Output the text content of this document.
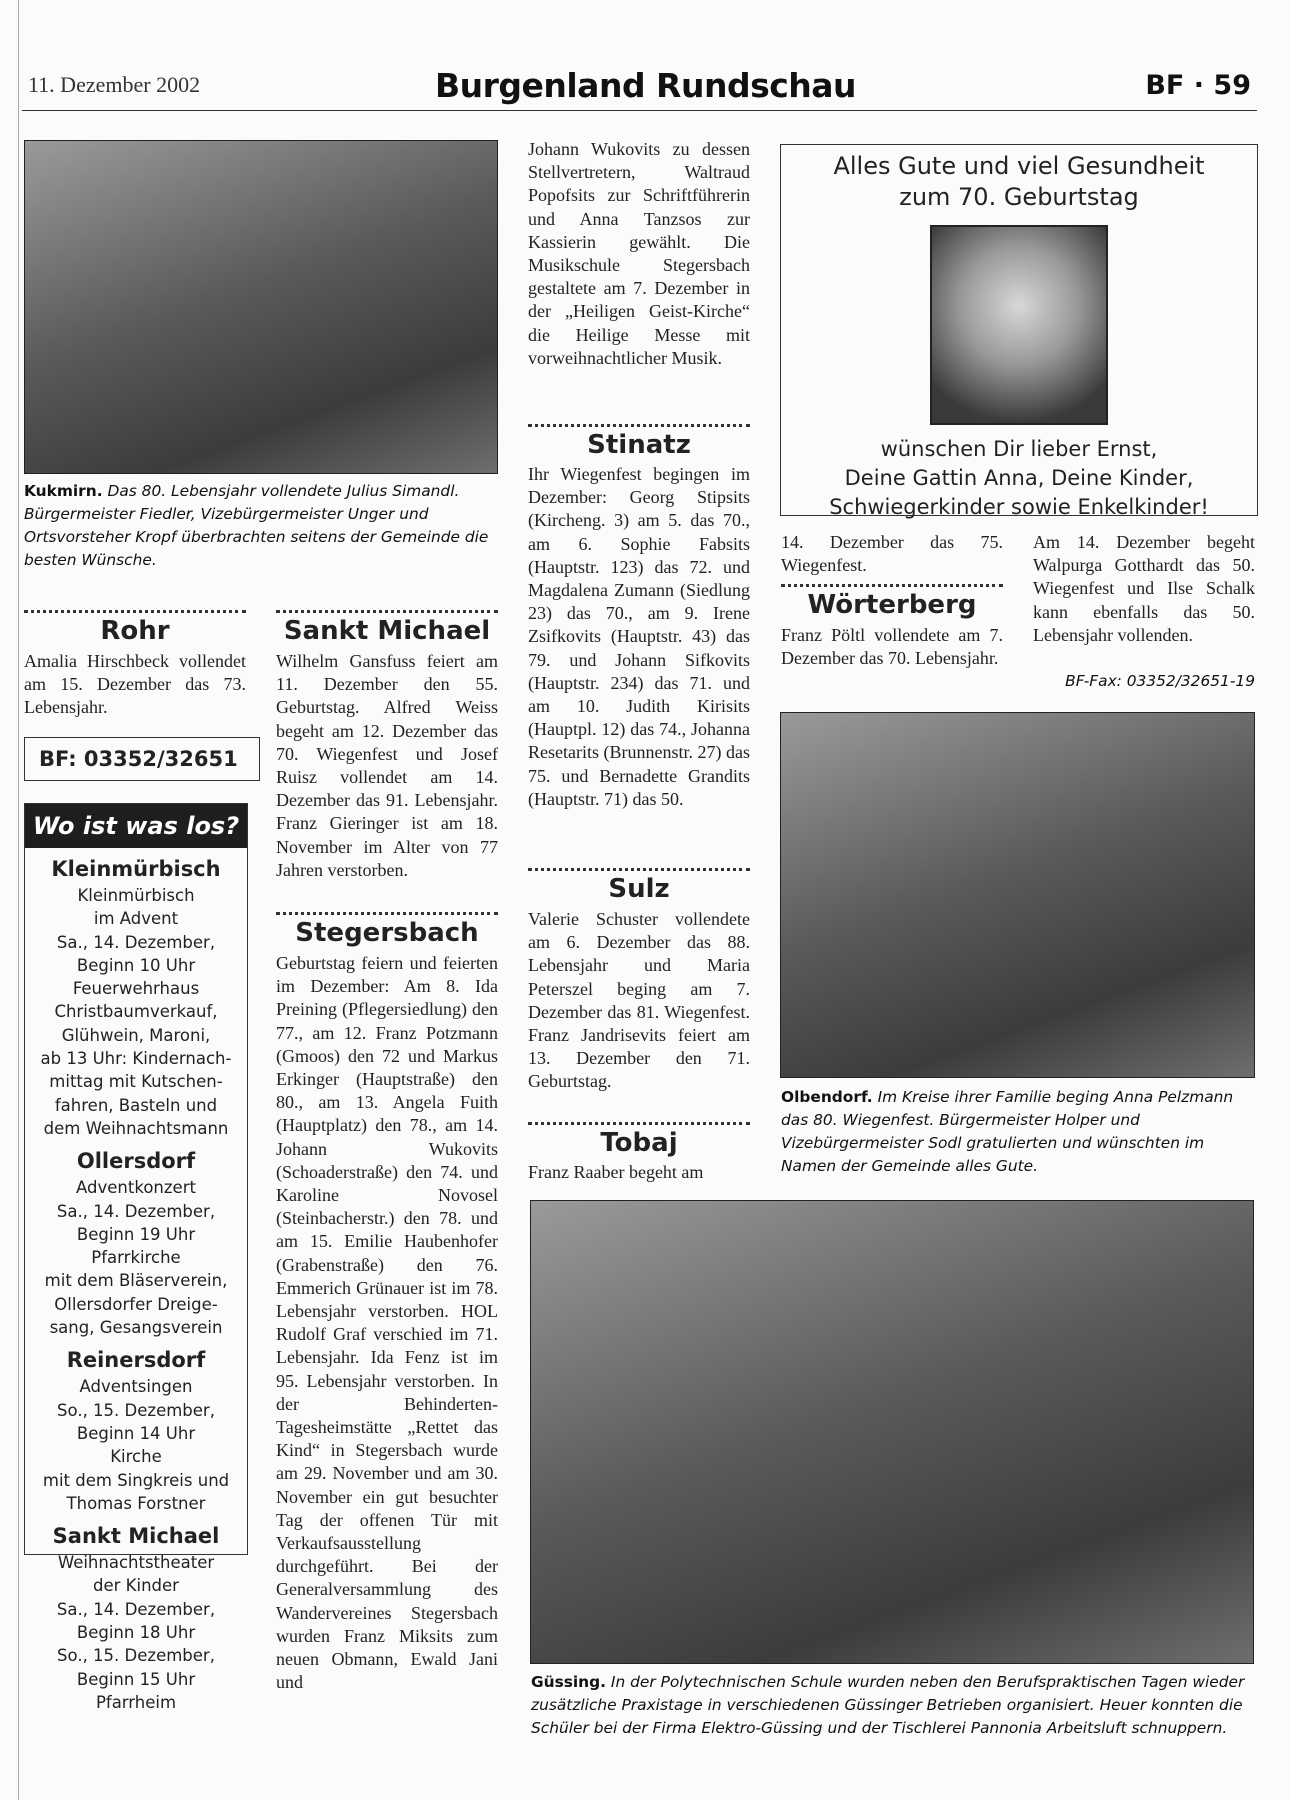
11. Dezember 2002	Burgenland Rundschau	BF · 59
Kukmirn. Das 80. Lebensjahr vollendete Julius Simandl. Bürgermeister Fiedler, Vizebürgermeister Unger und Ortsvorsteher Kropf überbrachten seitens der Gemeinde die besten Wünsche.
Rohr
Amalia Hirschbeck vollendet am 15. Dezember das 73. Lebensjahr.
BF: 03352/32651
Wo ist was los?
Kleinmürbisch
Kleinmürbisch
im Advent
Sa., 14. Dezember,
Beginn 10 Uhr
Feuerwehrhaus
Christbaumverkauf,
Glühwein, Maroni,
ab 13 Uhr: Kindernach-
mittag mit Kutschen-
fahren, Basteln und
dem Weihnachtsmann
Ollersdorf
Adventkonzert
Sa., 14. Dezember,
Beginn 19 Uhr
Pfarrkirche
mit dem Bläserverein,
Ollersdorfer Dreige-
sang, Gesangsverein
Reinersdorf
Adventsingen
So., 15. Dezember,
Beginn 14 Uhr
Kirche
mit dem Singkreis und
Thomas Forstner
Sankt Michael
Weihnachtstheater
der Kinder
Sa., 14. Dezember,
Beginn 18 Uhr
So., 15. Dezember,
Beginn 15 Uhr
Pfarrheim
Sankt Michael
Wilhelm Gansfuss feiert am 11. Dezember den 55. Geburtstag. Alfred Weiss begeht am 12. Dezember das 70. Wiegenfest und Josef Ruisz vollendet am 14. Dezember das 91. Lebensjahr. Franz Gieringer ist am 18. November im Alter von 77 Jahren verstorben.
Stegersbach
Geburtstag feiern und feierten im Dezember: Am 8. Ida Preining (Pflegersiedlung) den 77., am 12. Franz Potzmann (Gmoos) den 72 und Markus Erkinger (Hauptstraße) den 80., am 13. Angela Fuith (Hauptplatz) den 78., am 14. Johann Wukovits (Schoaderstraße) den 74. und Karoline Novosel (Steinbacherstr.) den 78. und am 15. Emilie Haubenhofer (Grabenstraße) den 76. Emmerich Grünauer ist im 78. Lebensjahr verstorben. HOL Rudolf Graf verschied im 71. Lebensjahr. Ida Fenz ist im 95. Lebensjahr verstorben. In der Behinderten-Tagesheimstätte „Rettet das Kind“ in Stegersbach wurde am 29. November und am 30. November ein gut besuchter Tag der offenen Tür mit Verkaufsausstellung durchgeführt. Bei der Generalversammlung des Wandervereines Stegersbach wurden Franz Miksits zum neuen Obmann, Ewald Jani und
Johann Wukovits zu dessen Stellvertretern, Waltraud Popofsits zur Schriftführerin und Anna Tanzsos zur Kassierin gewählt. Die Musikschule Stegersbach gestaltete am 7. Dezember in der „Heiligen Geist-Kirche“ die Heilige Messe mit vorweihnachtlicher Musik.
Stinatz
Ihr Wiegenfest begingen im Dezember: Georg Stipsits (Kircheng. 3) am 5. das 70., am 6. Sophie Fabsits (Hauptstr. 123) das 72. und Magdalena Zumann (Siedlung 23) das 70., am 9. Irene Zsifkovits (Hauptstr. 43) das 79. und Johann Sifkovits (Hauptstr. 234) das 71. und am 10. Judith Kirisits (Hauptpl. 12) das 74., Johanna Resetarits (Brunnenstr. 27) das 75. und Bernadette Grandits (Hauptstr. 71) das 50.
Sulz
Valerie Schuster vollendete am 6. Dezember das 88. Lebensjahr und Maria Peterszel beging am 7. Dezember das 81. Wiegenfest. Franz Jandrisevits feiert am 13. Dezember den 71. Geburtstag.
Tobaj
Franz Raaber begeht am

Alles Gute und viel Gesundheit

zum 70. Geburtstag

wünschen Dir lieber Ernst,

Deine Gattin Anna, Deine Kinder,

Schwiegerkinder sowie Enkelkinder!

14. Dezember das 75. Wiegenfest.
Wörterberg
Franz Pöltl vollendete am 7. Dezember das 70. Lebensjahr.
Am 14. Dezember begeht Walpurga Gotthardt das 50. Wiegenfest und Ilse Schalk kann ebenfalls das 50. Lebensjahr vollenden.
BF-Fax: 03352/32651-19
Olbendorf. Im Kreise ihrer Familie beging Anna Pelzmann das 80. Wiegenfest. Bürgermeister Holper und Vizebürgermeister Sodl gratulierten und wünschten im Namen der Gemeinde alles Gute.
Güssing. In der Polytechnischen Schule wurden neben den Berufspraktischen Tagen wieder zusätzliche Praxistage in verschiedenen Güssinger Betrieben organisiert. Heuer konnten die Schüler bei der Firma Elektro-Güssing und der Tischlerei Pannonia Arbeitsluft schnuppern.
